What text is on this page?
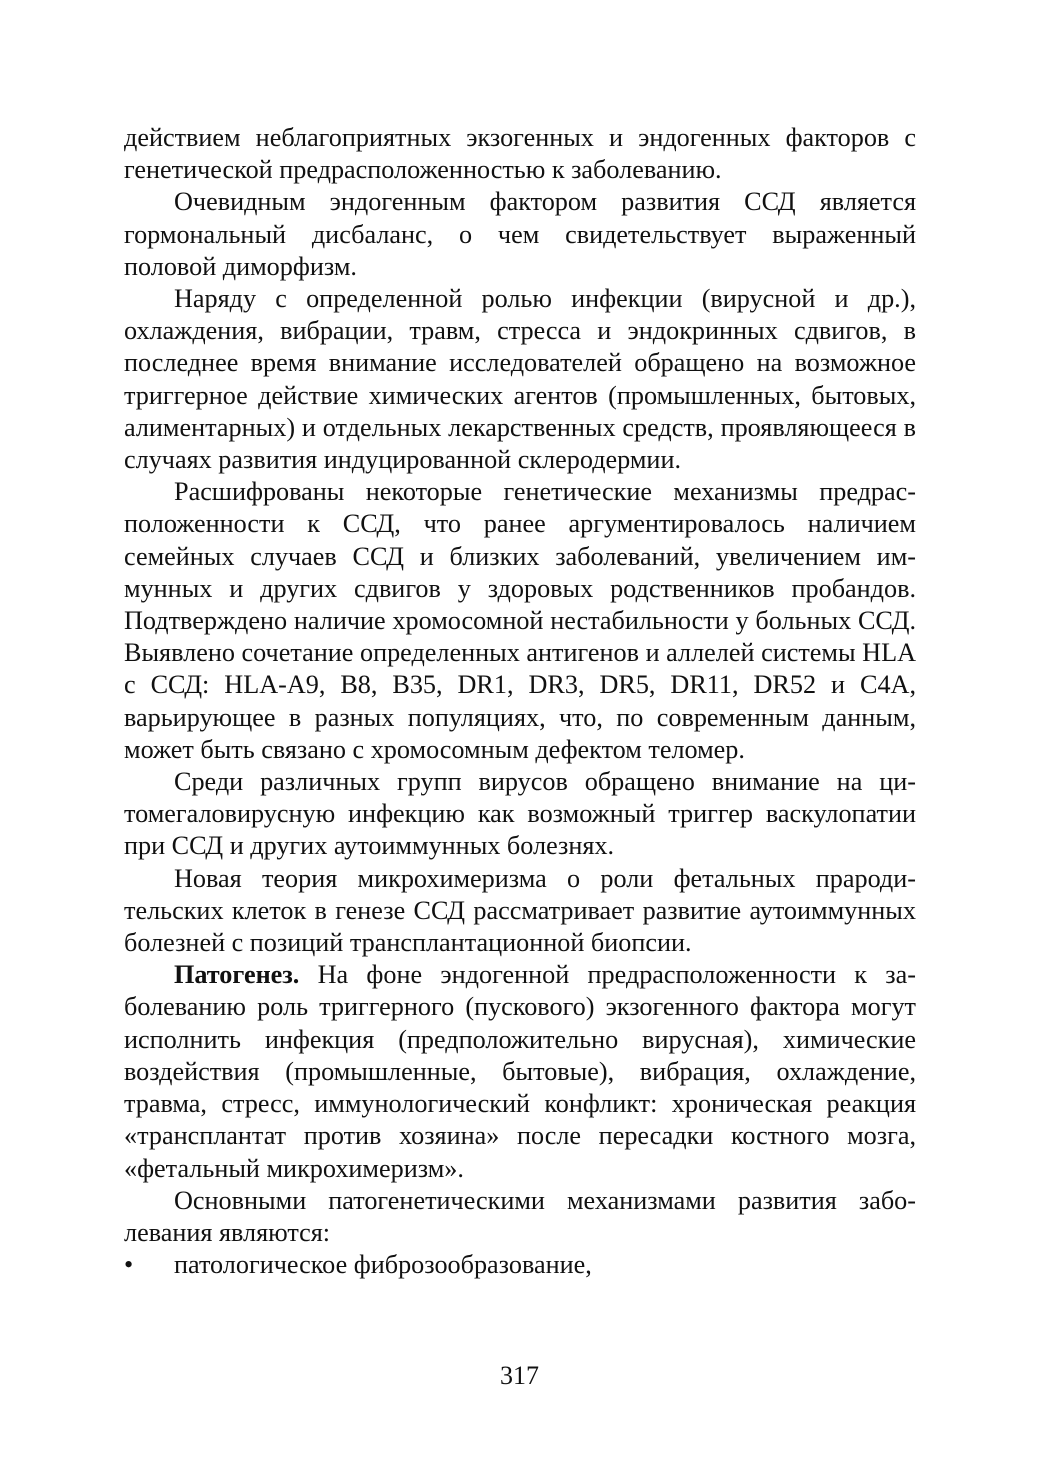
действием неблагоприятных экзогенных и эндогенных факторов с генетической предрасположенностью к заболеванию.

Очевидным эндогенным фактором развития ССД является гормональный дисбаланс, о чем свидетельствует выраженный половой диморфизм.

Наряду с определенной ролью инфекции (вирусной и др.), охлаждения, вибрации, травм, стресса и эндокринных сдвигов, в последнее время внимание исследователей обращено на возможное триггерное действие химических агентов (промышленных, бытовых, алиментарных) и отдельных лекарственных средств, проявляющееся в случаях развития индуцированной склеродермии.

Расшифрованы некоторые генетические механизмы предрасположенности к ССД, что ранее аргументировалось наличием семейных случаев ССД и близких заболеваний, увеличением иммунных и других сдвигов у здоровых родственников пробандов. Подтверждено наличие хромосомной нестабильности у больных ССД. Выявлено сочетание определенных антигенов и аллелей системы HLA с ССД: HLA-A9, B8, B35, DR1, DR3, DR5, DR11, DR52 и C4A, варьирующее в разных популяциях, что, по современным данным, может быть связано с хромосомным дефектом теломер.

Среди различных групп вирусов обращено внимание на цитомегаловирусную инфекцию как возможный триггер васкулопатии при ССД и других аутоиммунных болезнях.

Новая теория микрохимеризма о роли фетальных прародительских клеток в генезе ССД рассматривает развитие аутоиммунных болезней с позиций трансплантационной биопсии.

Патогенез. На фоне эндогенной предрасположенности к заболеванию роль триггерного (пускового) экзогенного фактора могут исполнить инфекция (предположительно вирусная), химические воздействия (промышленные, бытовые), вибрация, охлаждение, травма, стресс, иммунологический конфликт: хроническая реакция «трансплантат против хозяина» после пересадки костного мозга, «фетальный микрохимеризм».

Основными патогенетическими механизмами развития заболевания являются:

• патологическое фиброзообразование,
317
